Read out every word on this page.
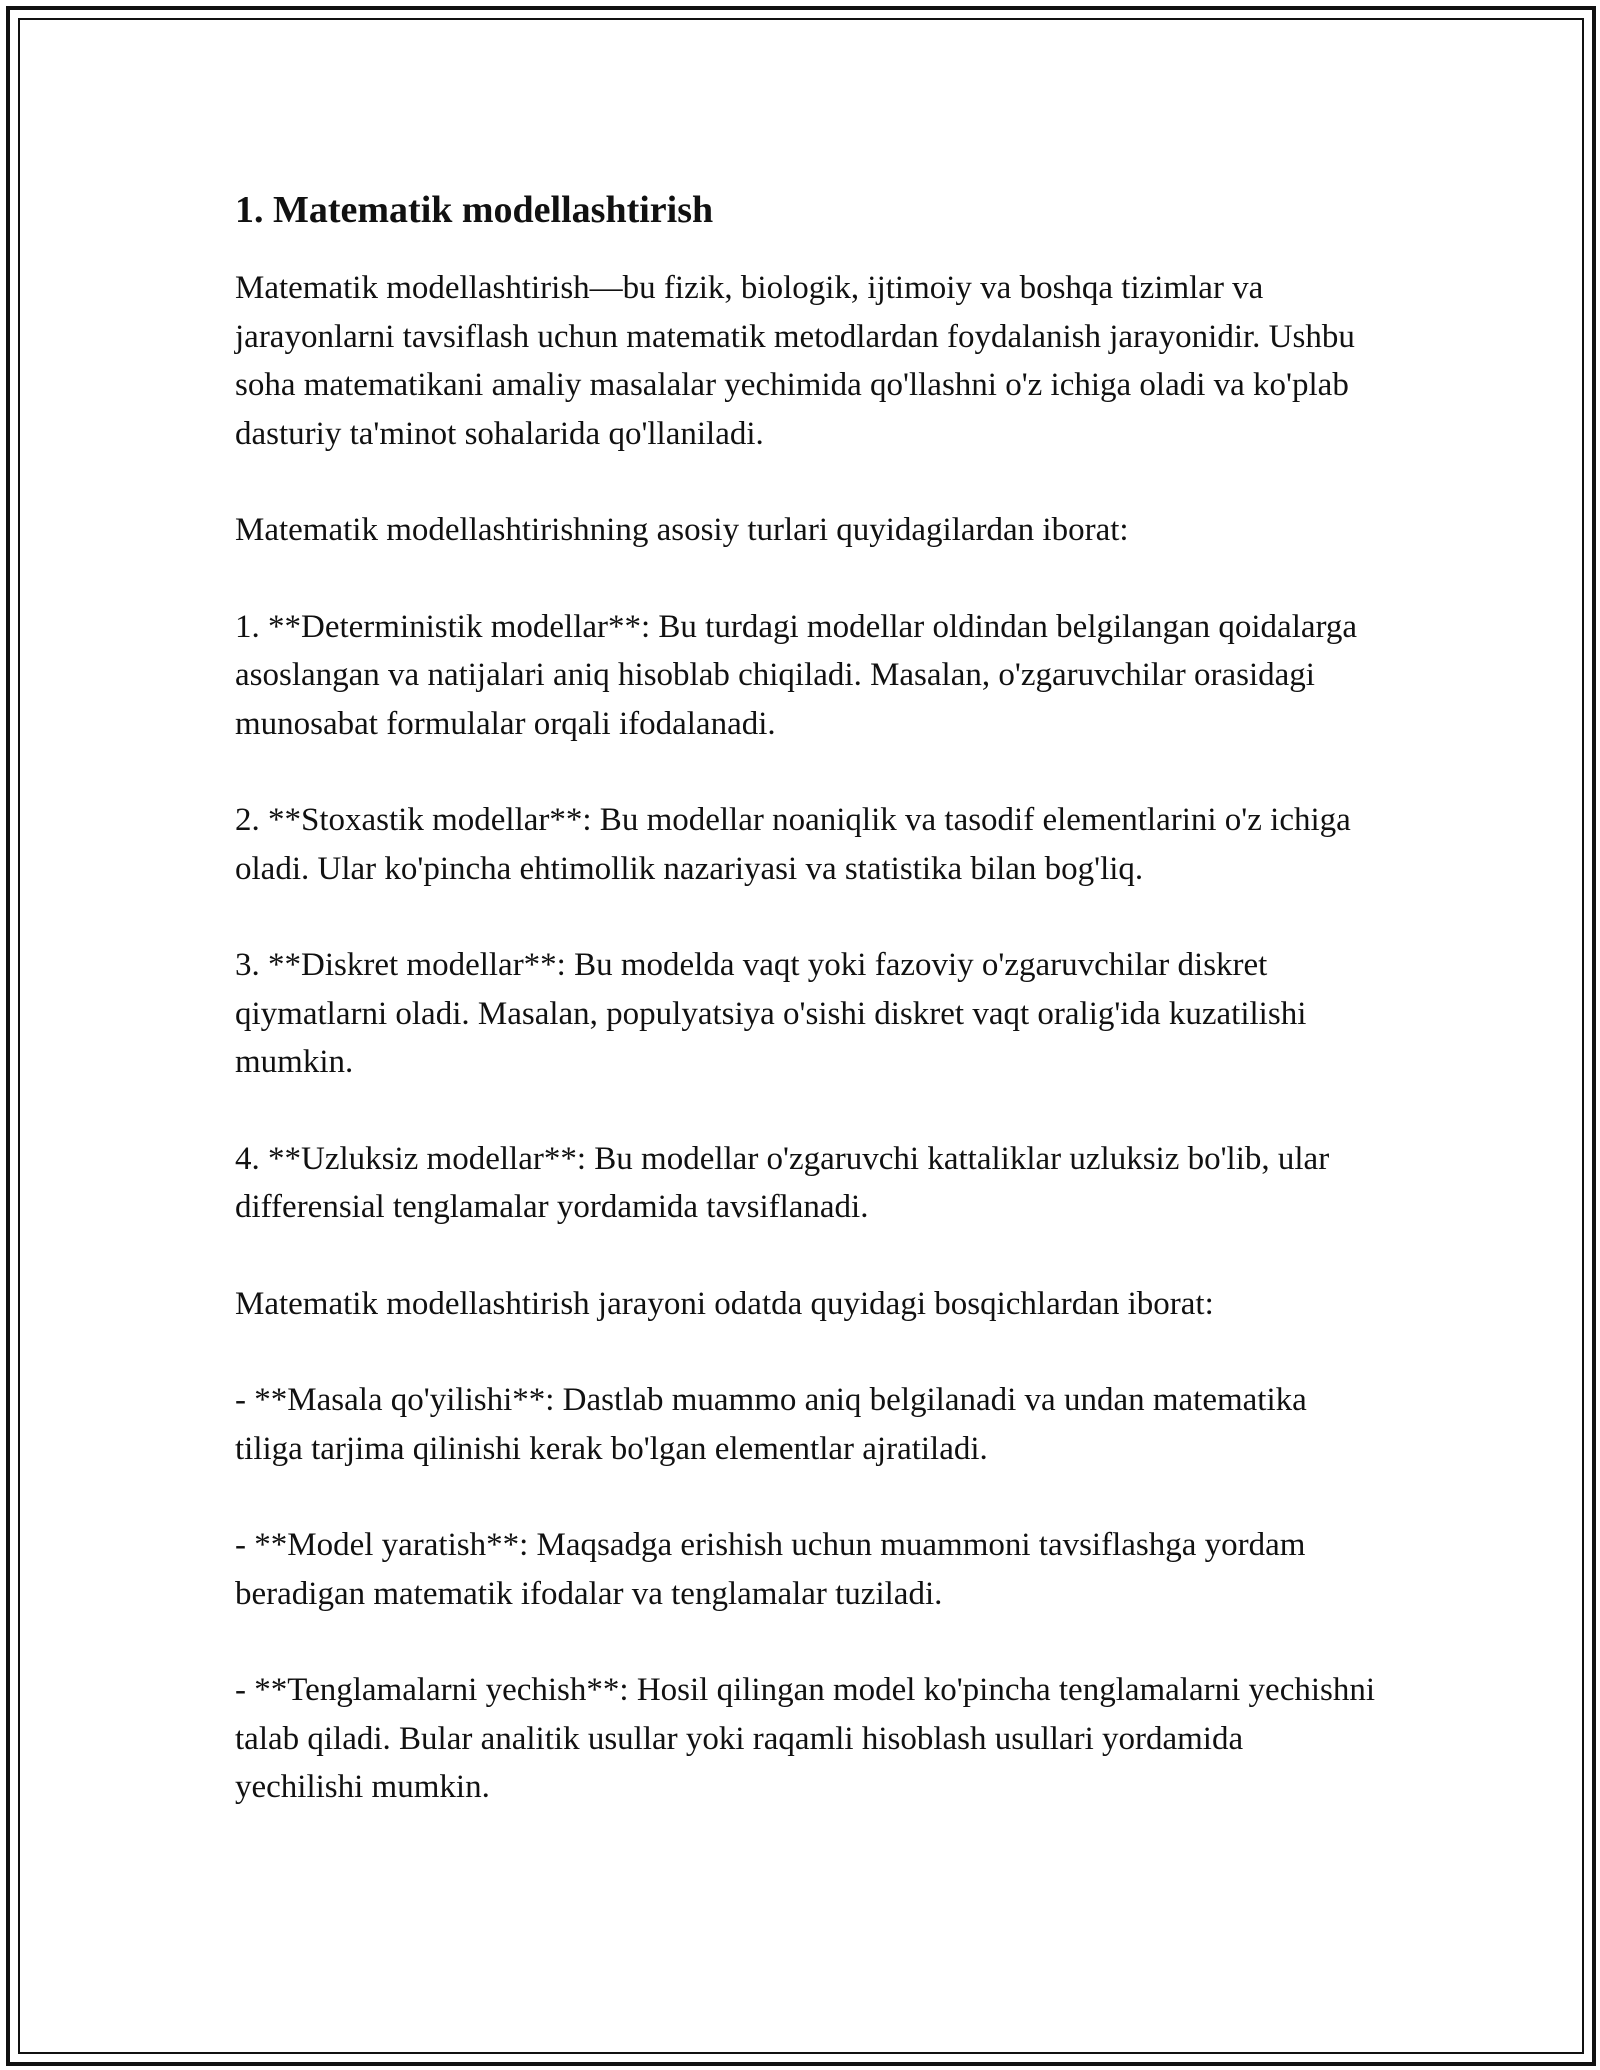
1. Matematik modellashtirish

Matematik modellashtirish—bu fizik, biologik, ijtimoiy va boshqa tizimlar va jarayonlarni tavsiflash uchun matematik metodlardan foydalanish jarayonidir. Ushbu soha matematikani amaliy masalalar yechimida qo'llashni o'z ichiga oladi va ko'plab dasturiy ta'minot sohalarida qo'llaniladi.

Matematik modellashtirishning asosiy turlari quyidagilardan iborat:

1. **Deterministik modellar**: Bu turdagi modellar oldindan belgilangan qoidalarga asoslangan va natijalari aniq hisoblab chiqiladi. Masalan, o'zgaruvchilar orasidagi munosabat formulalar orqali ifodalanadi.

2. **Stoxastik modellar**: Bu modellar noaniqlik va tasodif elementlarini o'z ichiga oladi. Ular ko'pincha ehtimollik nazariyasi va statistika bilan bog'liq.

3. **Diskret modellar**: Bu modelda vaqt yoki fazoviy o'zgaruvchilar diskret qiymatlarni oladi. Masalan, populyatsiya o'sishi diskret vaqt oralig'ida kuzatilishi mumkin.

4. **Uzluksiz modellar**: Bu modellar o'zgaruvchi kattaliklar uzluksiz bo'lib, ular differensial tenglamalar yordamida tavsiflanadi.

Matematik modellashtirish jarayoni odatda quyidagi bosqichlardan iborat:

- **Masala qo'yilishi**: Dastlab muammo aniq belgilanadi va undan matematika tiliga tarjima qilinishi kerak bo'lgan elementlar ajratiladi.

- **Model yaratish**: Maqsadga erishish uchun muammoni tavsiflashga yordam beradigan matematik ifodalar va tenglamalar tuziladi.

- **Tenglamalarni yechish**: Hosil qilingan model ko'pincha tenglamalarni yechishni talab qiladi. Bular analitik usullar yoki raqamli hisoblash usullari yordamida yechilishi mumkin.
